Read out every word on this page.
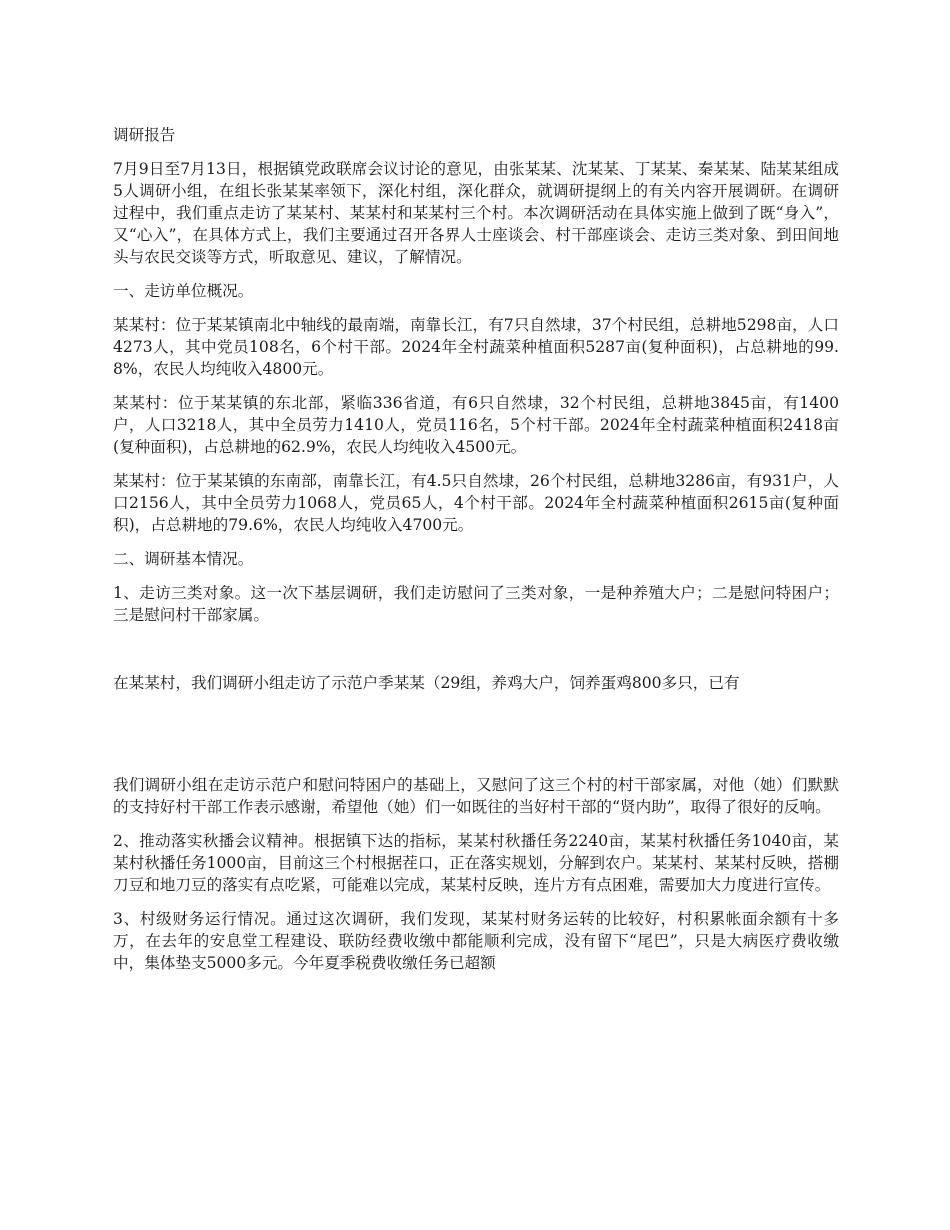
调研报告

7月9日至7月13日，根据镇党政联席会议讨论的意见，由张某某、沈某某、丁某某、秦某某、陆某某组成5人调研小组，在组长张某某率领下，深化村组，深化群众，就调研提纲上的有关内容开展调研。在调研过程中，我们重点走访了某某村、某某村和某某村三个村。本次调研活动在具体实施上做到了既“身入”，又“心入”，在具体方式上，我们主要通过召开各界人士座谈会、村干部座谈会、走访三类对象、到田间地头与农民交谈等方式，听取意见、建议，了解情况。

一、走访单位概况。

某某村：位于某某镇南北中轴线的最南端，南靠长江，有7只自然埭，37个村民组，总耕地5298亩，人口4273人，其中党员108名，6个村干部。2024年全村蔬菜种植面积5287亩(复种面积)，占总耕地的99.8%，农民人均纯收入4800元。

某某村：位于某某镇的东北部，紧临336省道，有6只自然埭，32个村民组，总耕地3845亩，有1400户，人口3218人，其中全员劳力1410人，党员116名，5个村干部。2024年全村蔬菜种植面积2418亩(复种面积)，占总耕地的62.9%，农民人均纯收入4500元。

某某村：位于某某镇的东南部，南靠长江，有4.5只自然埭，26个村民组，总耕地3286亩，有931户，人口2156人，其中全员劳力1068人，党员65人，4个村干部。2024年全村蔬菜种植面积2615亩(复种面积)，占总耕地的79.6%，农民人均纯收入4700元。

二、调研基本情况。

1、走访三类对象。这一次下基层调研，我们走访慰问了三类对象，一是种养殖大户；二是慰问特困户；三是慰问村干部家属。

在某某村，我们调研小组走访了示范户季某某（29组，养鸡大户，饲养蛋鸡800多只，已有

我们调研小组在走访示范户和慰问特困户的基础上，又慰问了这三个村的村干部家属，对他（她）们默默的支持好村干部工作表示感谢，希望他（她）们一如既往的当好村干部的“贤内助”，取得了很好的反响。

2、推动落实秋播会议精神。根据镇下达的指标，某某村秋播任务2240亩，某某村秋播任务1040亩，某某村秋播任务1000亩，目前这三个村根据茬口，正在落实规划，分解到农户。某某村、某某村反映，搭棚刀豆和地刀豆的落实有点吃紧，可能难以完成，某某村反映，连片方有点困难，需要加大力度进行宣传。

3、村级财务运行情况。通过这次调研，我们发现，某某村财务运转的比较好，村积累帐面余额有十多万，在去年的安息堂工程建设、联防经费收缴中都能顺利完成，没有留下“尾巴”，只是大病医疗费收缴中，集体垫支5000多元。今年夏季税费收缴任务已超额
